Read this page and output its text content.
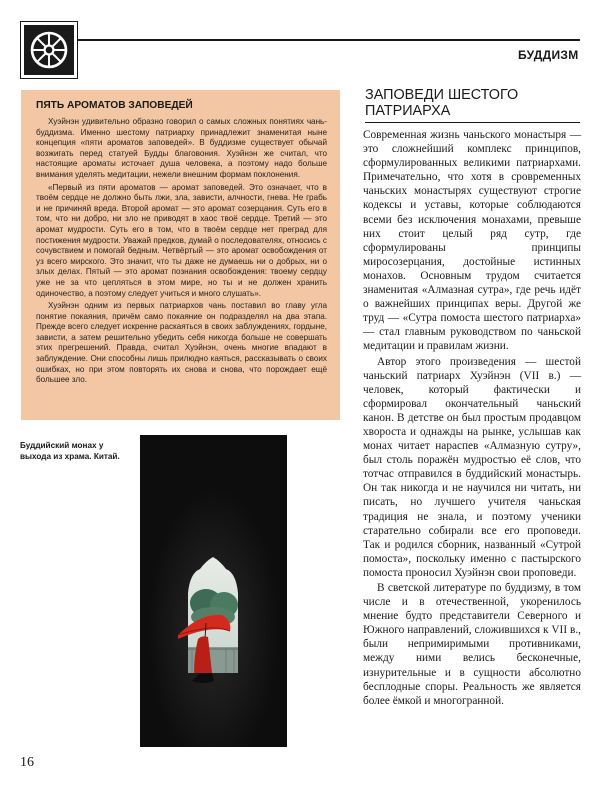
БУДДИЗМ
ПЯТЬ АРОМАТОВ ЗАПОВЕДЕЙ

Хуэйнэн удивительно образно говорил о самых сложных понятиях чань-буддизма. Именно шестому патриарху принадлежит знаменитая ныне концепция «пяти ароматов заповедей». В буддизме существует обычай возжигать перед статуей Будды благовония. Хуэйнэн же считал, что настоящие ароматы источает душа человека, а поэтому надо больше внимания уделять медитации, нежели внешним формам поклонения.

«Первый из пяти ароматов — аромат заповедей. Это означает, что в твоём сердце не должно быть лжи, зла, зависти, алчности, гнева. Не грабь и не причиняй вреда. Второй аромат — это аромат созерцания. Суть его в том, что ни добро, ни зло не приводят в хаос твоё сердце. Третий — это аромат мудрости. Суть его в том, что в твоём сердце нет преград для постижения мудрости. Уважай предков, думай о последователях, относись с сочувствием и помогай бедным. Четвёртый — это аромат освобождения от уз всего мирского. Это значит, что ты даже не думаешь ни о добрых, ни о злых делах. Пятый — это аромат познания освобождения: твоему сердцу уже не за что цепляться в этом мире, но ты и не должен хранить одиночество, а поэтому следует учиться и много слушать».

Хуэйнэн одним из первых патриархов чань поставил во главу угла понятие покаяния, причём само покаяние он подразделял на два этапа. Прежде всего следует искренне раскаяться в своих заблуждениях, гордыне, зависти, а затем решительно убедить себя никогда больше не совершать этих прегрешений. Правда, считал Хуэйнэн, очень многие впадают в заблуждение. Они способны лишь прилюдно каяться, рассказывать о своих ошибках, но при этом повторять их снова и снова, что порождает ещё большее зло.

Буддийский монах у выхода из храма. Китай.
ЗАПОВЕДИ ШЕСТОГО ПАТРИАРХА

Современная жизнь чаньского монастыря — это сложнейший комплекс принципов, сформулированных великими патриархами. Примечательно, что хотя в сровременных чаньских монастырях существуют строгие кодексы и уставы, которые соблюдаются всеми без исключения монахами, превыше них стоит целый ряд сутр, где сформулированы принципы миросозерцания, достойные истинных монахов. Основным трудом считается знаменитая «Алмазная сутра», где речь идёт о важнейших принципах веры. Другой же труд — «Сутра помоста шестого патриарха» — стал главным руководством по чаньской медитации и правилам жизни.

Автор этого произведения — шестой чаньский патриарх Хуэйнэн (VII в.) — человек, который фактически и сформировал окончательный чаньский канон. В детстве он был простым продавцом хворостa и однажды на рынке, услышав как монах читает нараспев «Алмазную сутру», был столь поражён мудростью её слов, что тотчас отправился в буддийский монастырь. Он так никогда и не научился ни читать, ни писать, но лучшего учителя чаньская традиция не знала, и поэтому ученики старательно собирали все его проповеди. Так и родился сборник, названный «Сутрой помоста», поскольку именно с пастырского помоста проносил Хуэйнэн свои проповеди.

В светской литературе по буддизму, в том числе и в отечественной, укоренилось мнение будто представители Северного и Южного направлений, сложившихся к VII в., были непримиримыми противниками, между ними велись бесконечные, изнурительные и в сущности абсолютно бесплодные споры. Реальность же является более ёмкой и многогранной.

16
